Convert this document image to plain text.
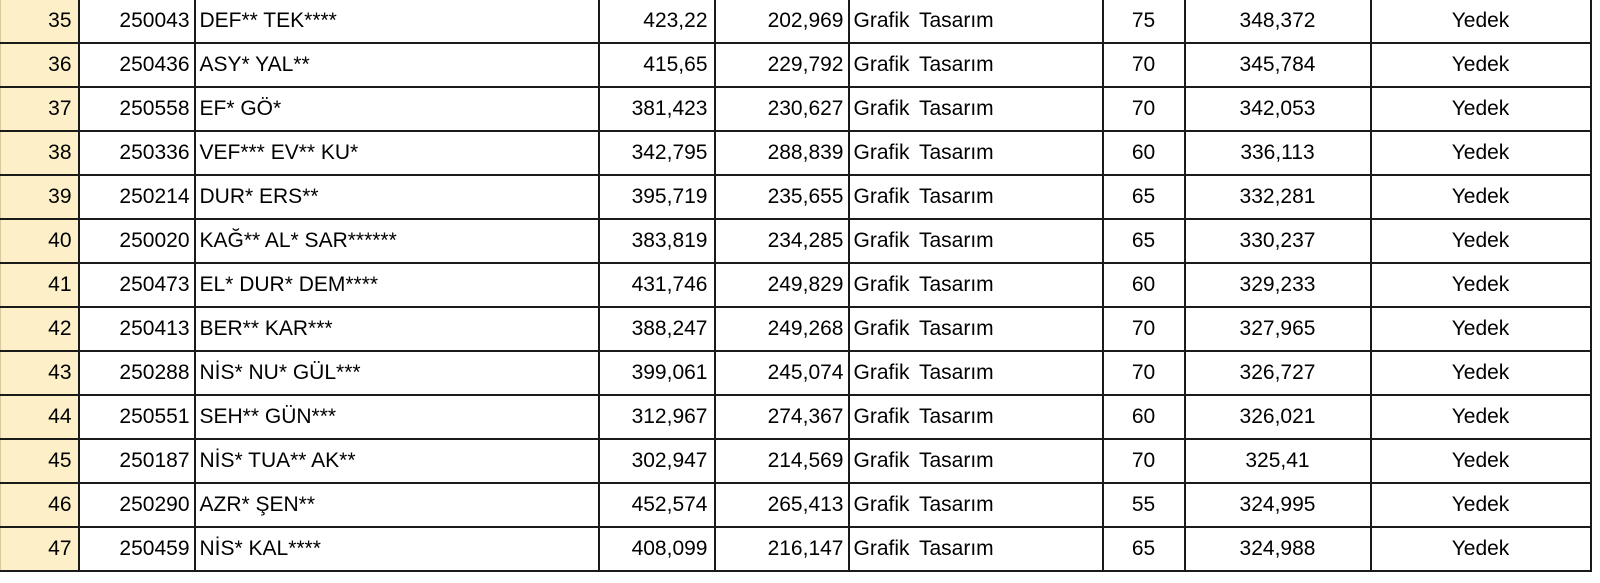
35	250043	DEF** TEK****	423,22	202,969	Grafik Tasarım	75	348,372	Yedek
36	250436	ASY* YAL**	415,65	229,792	Grafik Tasarım	70	345,784	Yedek
37	250558	EF* GÖ*	381,423	230,627	Grafik Tasarım	70	342,053	Yedek
38	250336	VEF*** EV** KU*	342,795	288,839	Grafik Tasarım	60	336,113	Yedek
39	250214	DUR* ERS**	395,719	235,655	Grafik Tasarım	65	332,281	Yedek
40	250020	KAĞ** AL* SAR******	383,819	234,285	Grafik Tasarım	65	330,237	Yedek
41	250473	EL* DUR* DEM****	431,746	249,829	Grafik Tasarım	60	329,233	Yedek
42	250413	BER** KAR***	388,247	249,268	Grafik Tasarım	70	327,965	Yedek
43	250288	NİS* NU* GÜL***	399,061	245,074	Grafik Tasarım	70	326,727	Yedek
44	250551	SEH** GÜN***	312,967	274,367	Grafik Tasarım	60	326,021	Yedek
45	250187	NİS* TUA** AK**	302,947	214,569	Grafik Tasarım	70	325,41	Yedek
46	250290	AZR* ŞEN**	452,574	265,413	Grafik Tasarım	55	324,995	Yedek
47	250459	NİS* KAL****	408,099	216,147	Grafik Tasarım	65	324,988	Yedek
